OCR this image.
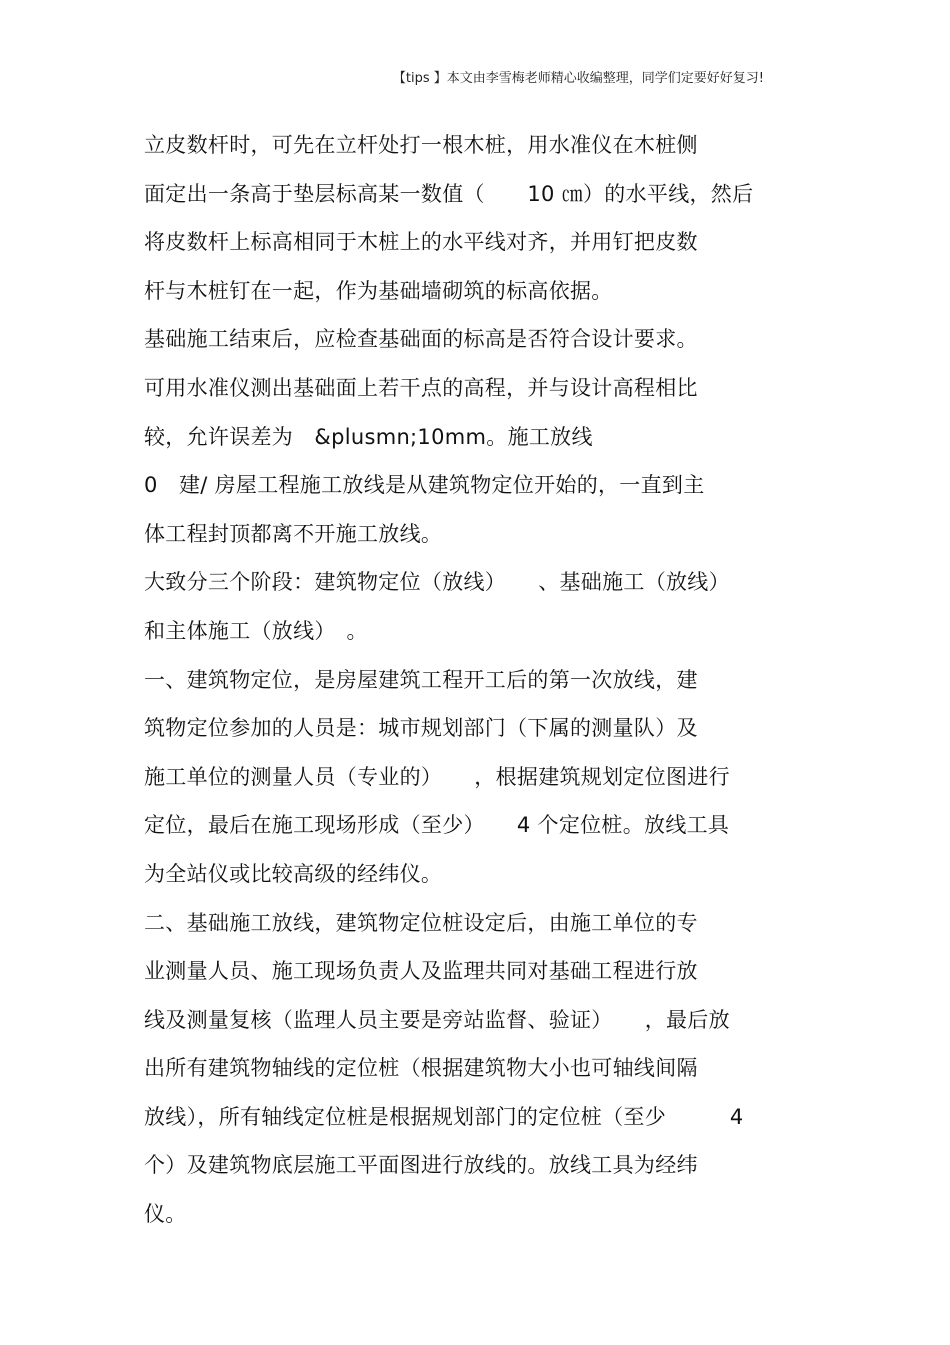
【tips 】本文由李雪梅老师精心收编整理，同学们定要好好复习!
立皮数杆时，可先在立杆处打一根木桩，用水准仪在木桩侧
面定出一条高于垫层标高某一数值（　　10 ㎝）的水平线，然后
将皮数杆上标高相同于木桩上的水平线对齐，并用钉把皮数
杆与木桩钉在一起，作为基础墙砌筑的标高依据。
基础施工结束后，应检查基础面的标高是否符合设计要求。
可用水准仪测出基础面上若干点的高程，并与设计高程相比
较，允许误差为　&plusmn;10mm。施工放线
0　建/ 房屋工程施工放线是从建筑物定位开始的，一直到主
体工程封顶都离不开施工放线。
大致分三个阶段：建筑物定位（放线）　　、基础施工（放线）
和主体施工（放线）　。
一、建筑物定位，是房屋建筑工程开工后的第一次放线，建
筑物定位参加的人员是：城市规划部门（下属的测量队）及
施工单位的测量人员（专业的）　　，根据建筑规划定位图进行
定位，最后在施工现场形成（至少）　　4 个定位桩。放线工具
为全站仪或比较高级的经纬仪。
二、基础施工放线，建筑物定位桩设定后，由施工单位的专
业测量人员、施工现场负责人及监理共同对基础工程进行放
线及测量复核（监理人员主要是旁站监督、验证）　　，最后放
出所有建筑物轴线的定位桩（根据建筑物大小也可轴线间隔
放线），所有轴线定位桩是根据规划部门的定位桩（至少　　　4
个）及建筑物底层施工平面图进行放线的。放线工具为经纬
仪。
